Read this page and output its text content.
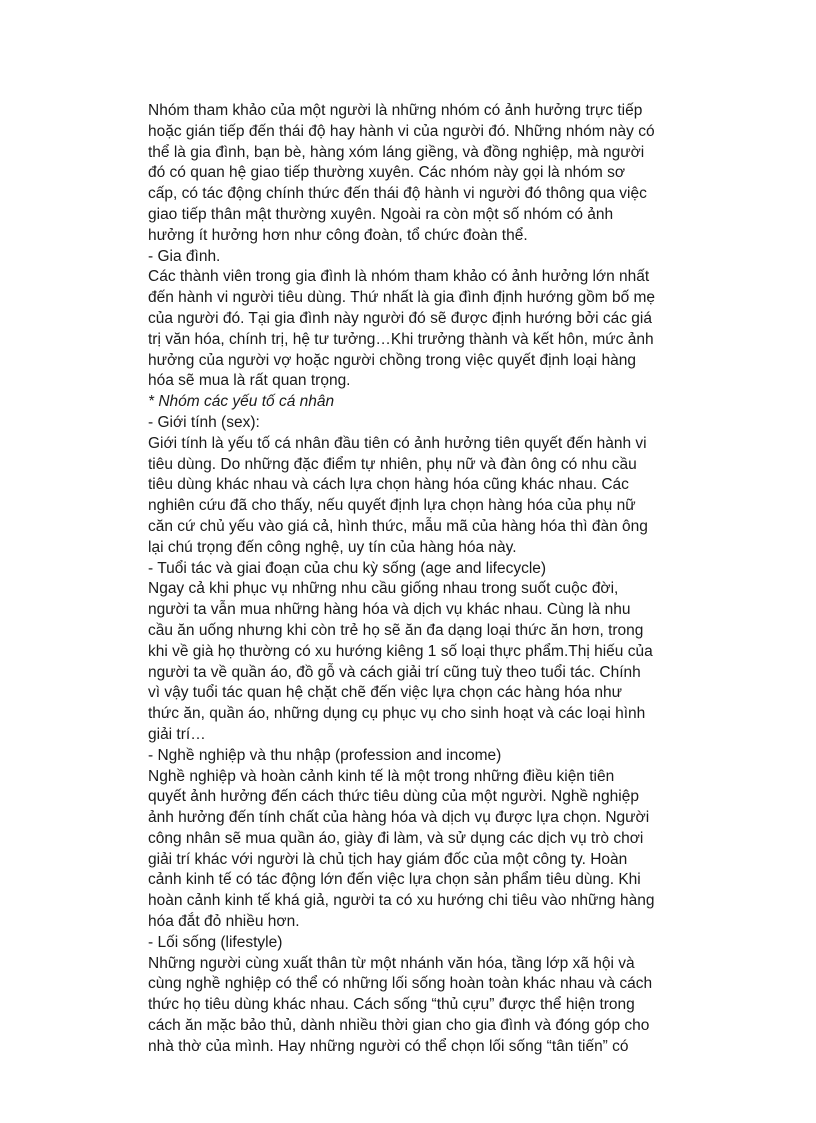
Nhóm tham khảo của một người là những nhóm có ảnh hưởng trực tiếp
hoặc gián tiếp đến thái độ hay hành vi của người đó. Những nhóm này có
thể là gia đình, bạn bè, hàng xóm láng giềng, và đồng nghiệp, mà người
đó có quan hệ giao tiếp thường xuyên. Các nhóm này gọi là nhóm sơ
cấp, có tác động chính thức đến thái độ hành vi người đó thông qua việc
giao tiếp thân mật thường xuyên. Ngoài ra còn một số nhóm có ảnh
hưởng ít hưởng hơn như công đoàn, tổ chức đoàn thể.
- Gia đình.
Các thành viên trong gia đình là nhóm tham khảo có ảnh hưởng lớn nhất
đến hành vi người tiêu dùng. Thứ nhất là gia đình định hướng gồm bố mẹ
của người đó. Tại gia đình này người đó sẽ được định hướng bởi các giá
trị văn hóa, chính trị, hệ tư tưởng…Khi trưởng thành và kết hôn, mức ảnh
hưởng của người vợ hoặc người chồng trong việc quyết định loại hàng
hóa sẽ mua là rất quan trọng.
* Nhóm các yếu tố cá nhân
- Giới tính (sex):
Giới tính là yếu tố cá nhân đầu tiên có ảnh hưởng tiên quyết đến hành vi
tiêu dùng. Do những đặc điểm tự nhiên, phụ nữ và đàn ông có nhu cầu
tiêu dùng khác nhau và cách lựa chọn hàng hóa cũng khác nhau. Các
nghiên cứu đã cho thấy, nếu quyết định lựa chọn hàng hóa của phụ nữ
căn cứ chủ yếu vào giá cả, hình thức, mẫu mã của hàng hóa thì đàn ông
lại chú trọng đến công nghệ, uy tín của hàng hóa này.
- Tuổi tác và giai đoạn của chu kỳ sống (age and lifecycle)
Ngay cả khi phục vụ những nhu cầu giống nhau trong suốt cuộc đời,
người ta vẫn mua những hàng hóa và dịch vụ khác nhau. Cùng là nhu
cầu ăn uống nhưng khi còn trẻ họ sẽ ăn đa dạng loại thức ăn hơn, trong
khi về già họ thường có xu hướng kiêng 1 số loại thực phẩm.Thị hiếu của
người ta về quần áo, đồ gỗ và cách giải trí cũng tuỳ theo tuổi tác. Chính
vì vậy tuổi tác quan hệ chặt chẽ đến việc lựa chọn các hàng hóa như
thức ăn, quần áo, những dụng cụ phục vụ cho sinh hoạt và các loại hình
giải trí…
- Nghề nghiệp và thu nhập (profession and income)
Nghề nghiệp và hoàn cảnh kinh tế là một trong những điều kiện tiên
quyết ảnh hưởng đến cách thức tiêu dùng của một người. Nghề nghiệp
ảnh hưởng đến tính chất của hàng hóa và dịch vụ được lựa chọn. Người
công nhân sẽ mua quần áo, giày đi làm, và sử dụng các dịch vụ trò chơi
giải trí khác với người là chủ tịch hay giám đốc của một công ty. Hoàn
cảnh kinh tế có tác động lớn đến việc lựa chọn sản phẩm tiêu dùng. Khi
hoàn cảnh kinh tế khá giả, người ta có xu hướng chi tiêu vào những hàng
hóa đắt đỏ nhiều hơn.
- Lối sống (lifestyle)
Những người cùng xuất thân từ một nhánh văn hóa, tầng lớp xã hội và
cùng nghề nghiệp có thể có những lối sống hoàn toàn khác nhau và cách
thức họ tiêu dùng khác nhau. Cách sống “thủ cựu” được thể hiện trong
cách ăn mặc bảo thủ, dành nhiều thời gian cho gia đình và đóng góp cho
nhà thờ của mình. Hay những người có thể chọn lối sống “tân tiến” có
